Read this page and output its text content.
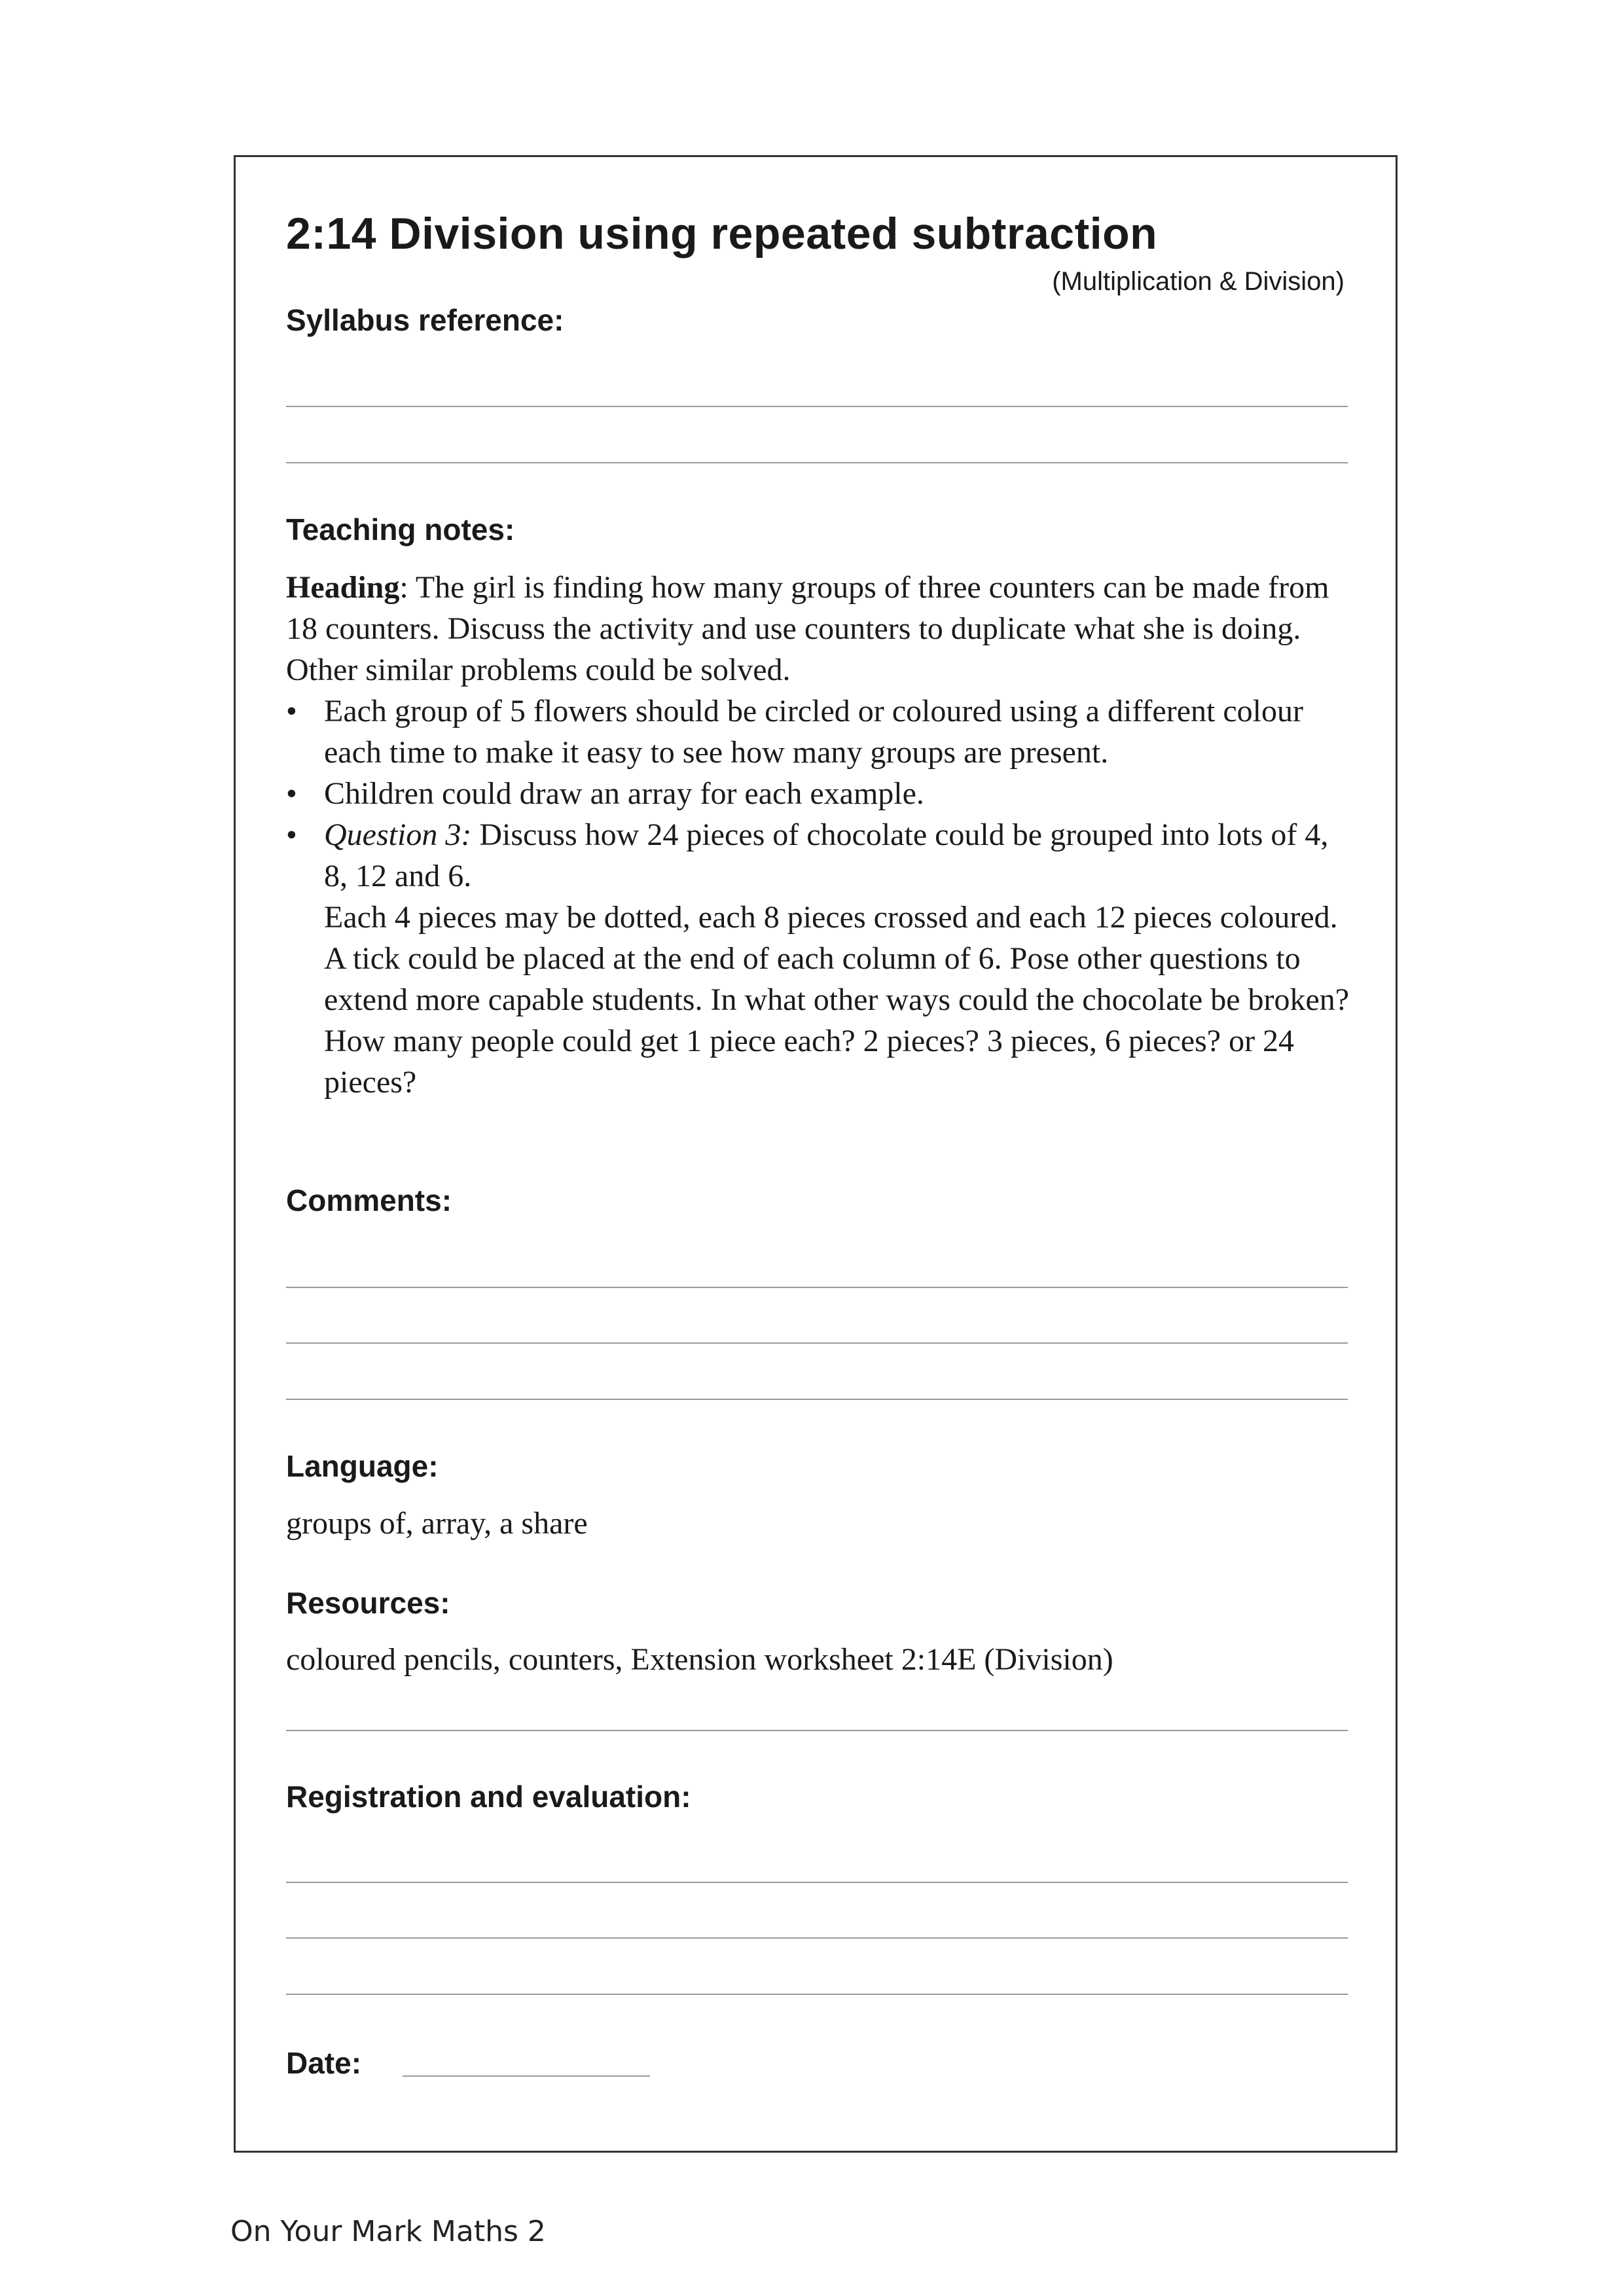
2:14 Division using repeated subtraction
(Multiplication & Division)
Syllabus reference:
Teaching notes:

Heading: The girl is finding how many groups of three counters can be made from 18 counters. Discuss the activity and use counters to duplicate what she is doing. Other similar problems could be solved.

• Each group of 5 flowers should be circled or coloured using a different colour each time to make it easy to see how many groups are present.
• Children could draw an array for each example.
• Question 3: Discuss how 24 pieces of chocolate could be grouped into lots of 4, 8, 12 and 6.
Each 4 pieces may be dotted, each 8 pieces crossed and each 12 pieces coloured. A tick could be placed at the end of each column of 6. Pose other questions to extend more capable students. In what other ways could the chocolate be broken? How many people could get 1 piece each? 2 pieces? 3 pieces, 6 pieces? or 24 pieces?
Comments:
Language:
groups of, array, a share
Resources:
coloured pencils, counters, Extension worksheet 2:14E (Division)
Registration and evaluation:
Date:
On Your Mark Maths 2
